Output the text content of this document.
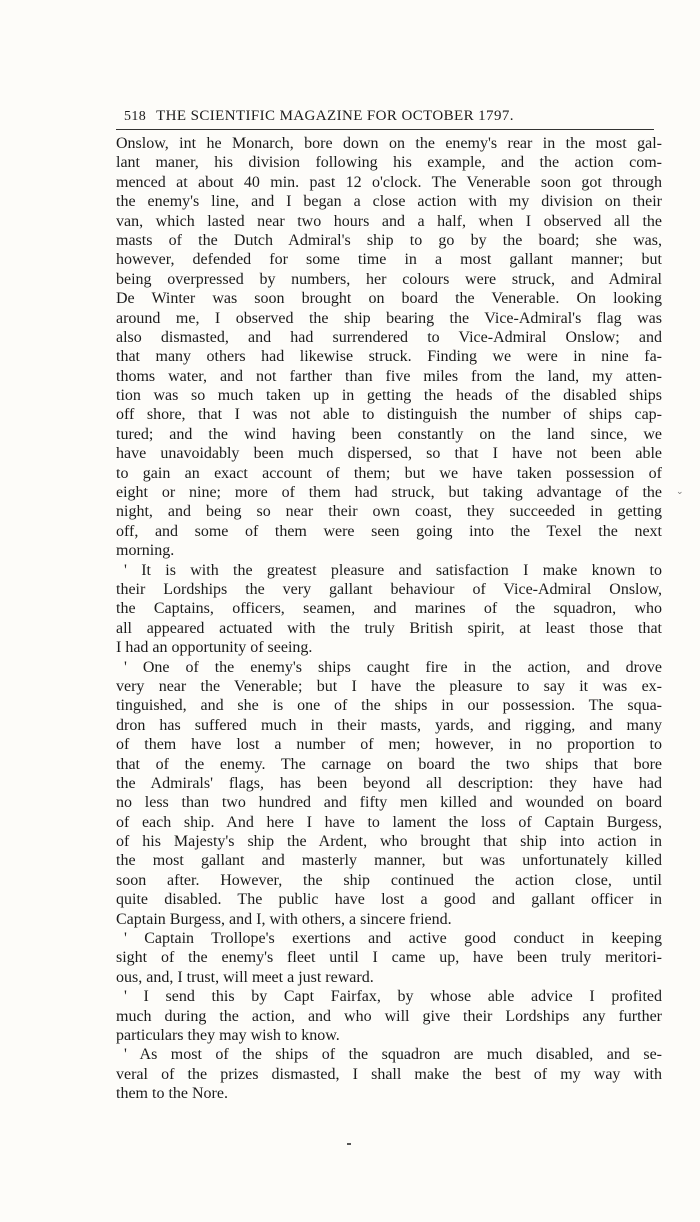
518 THE SCIENTIFIC MAGAZINE FOR OCTOBER 1797.
Onslow, int he Monarch, bore down on the enemy's rear in the most gal-
lant maner, his division following his example, and the action com-
menced at about 40 min. past 12 o'clock. The Venerable soon got through
the enemy's line, and I began a close action with my division on their
van, which lasted near two hours and a half, when I observed all the
masts of the Dutch Admiral's ship to go by the board; she was,
however, defended for some time in a most gallant manner; but
being overpressed by numbers, her colours were struck, and Admiral
De Winter was soon brought on board the Venerable. On looking
around me, I observed the ship bearing the Vice-Admiral's flag was
also dismasted, and had surrendered to Vice-Admiral Onslow; and
that many others had likewise struck. Finding we were in nine fa-
thoms water, and not farther than five miles from the land, my atten-
tion was so much taken up in getting the heads of the disabled ships
off shore, that I was not able to distinguish the number of ships cap-
tured; and the wind having been constantly on the land since, we
have unavoidably been much dispersed, so that I have not been able
to gain an exact account of them; but we have taken possession of
eight or nine; more of them had struck, but taking advantage of the
night, and being so near their own coast, they succeeded in getting
off, and some of them were seen going into the Texel the next
morning.
' It is with the greatest pleasure and satisfaction I make known to
their Lordships the very gallant behaviour of Vice-Admiral Onslow,
the Captains, officers, seamen, and marines of the squadron, who
all appeared actuated with the truly British spirit, at least those that
I had an opportunity of seeing.
' One of the enemy's ships caught fire in the action, and drove
very near the Venerable; but I have the pleasure to say it was ex-
tinguished, and she is one of the ships in our possession. The squa-
dron has suffered much in their masts, yards, and rigging, and many
of them have lost a number of men; however, in no proportion to
that of the enemy. The carnage on board the two ships that bore
the Admirals' flags, has been beyond all description: they have had
no less than two hundred and fifty men killed and wounded on board
of each ship. And here I have to lament the loss of Captain Burgess,
of his Majesty's ship the Ardent, who brought that ship into action in
the most gallant and masterly manner, but was unfortunately killed
soon after. However, the ship continued the action close, until
quite disabled. The public have lost a good and gallant officer in
Captain Burgess, and I, with others, a sincere friend.
' Captain Trollope's exertions and active good conduct in keeping
sight of the enemy's fleet until I came up, have been truly meritori-
ous, and, I trust, will meet a just reward.
' I send this by Capt Fairfax, by whose able advice I profited
much during the action, and who will give their Lordships any further
particulars they may wish to know.
' As most of the ships of the squadron are much disabled, and se-
veral of the prizes dismasted, I shall make the best of my way with
them to the Nore.
⌄
